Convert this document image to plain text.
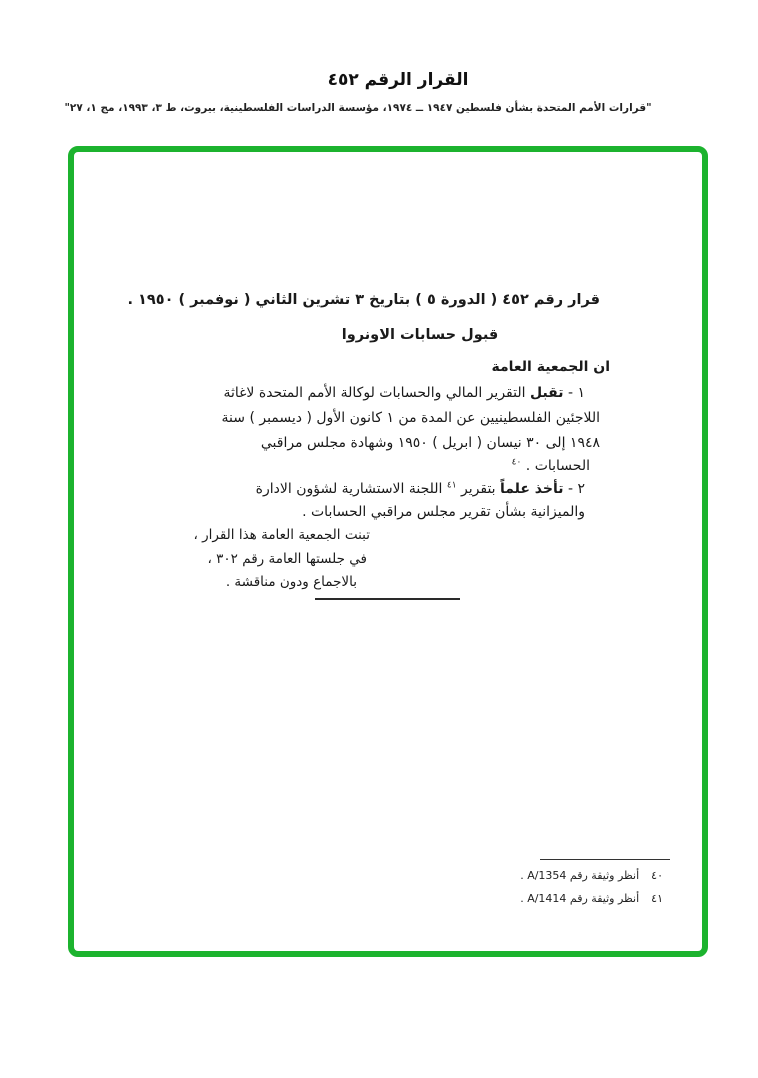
القرار الرقم ٤٥٢
"قرارات الأمم المتحدة بشأن فلسطين ١٩٤٧ ــ ١٩٧٤، مؤسسة الدراسات الفلسطينية، بيروت، ط ٣، ١٩٩٣، مج ١، ٢٧"
قرار رقم ٤٥٢ ( الدورة ٥ ) بتاريخ ٣ تشرين الثاني ( نوفمبر ) ١٩٥٠ .
قبول حسابات الاونروا
ان الجمعية العامة
١ - تقبل التقرير المالي والحسابات لوكالة الأمم المتحدة لاغاثة
اللاجئين الفلسطينيين عن المدة من ١ كانون الأول ( ديسمبر ) سنة
١٩٤٨ إلى ٣٠ نيسان ( ابريل ) ١٩٥٠ وشهادة مجلس مراقبي
الحسابات . $^{٤٠}$
٢ - تأخذ علماً بتقرير $^{٤١}$ اللجنة الاستشارية لشؤون الادارة
والميزانية بشأن تقرير مجلس مراقبي الحسابات .
تبنت الجمعية العامة هذا القرار ،
في جلستها العامة رقم ٣٠٢ ،
بالاجماع ودون مناقشة .
٤٠أنظر وثيقة رقم A/1354 .
٤١أنظر وثيقة رقم A/1414 .
